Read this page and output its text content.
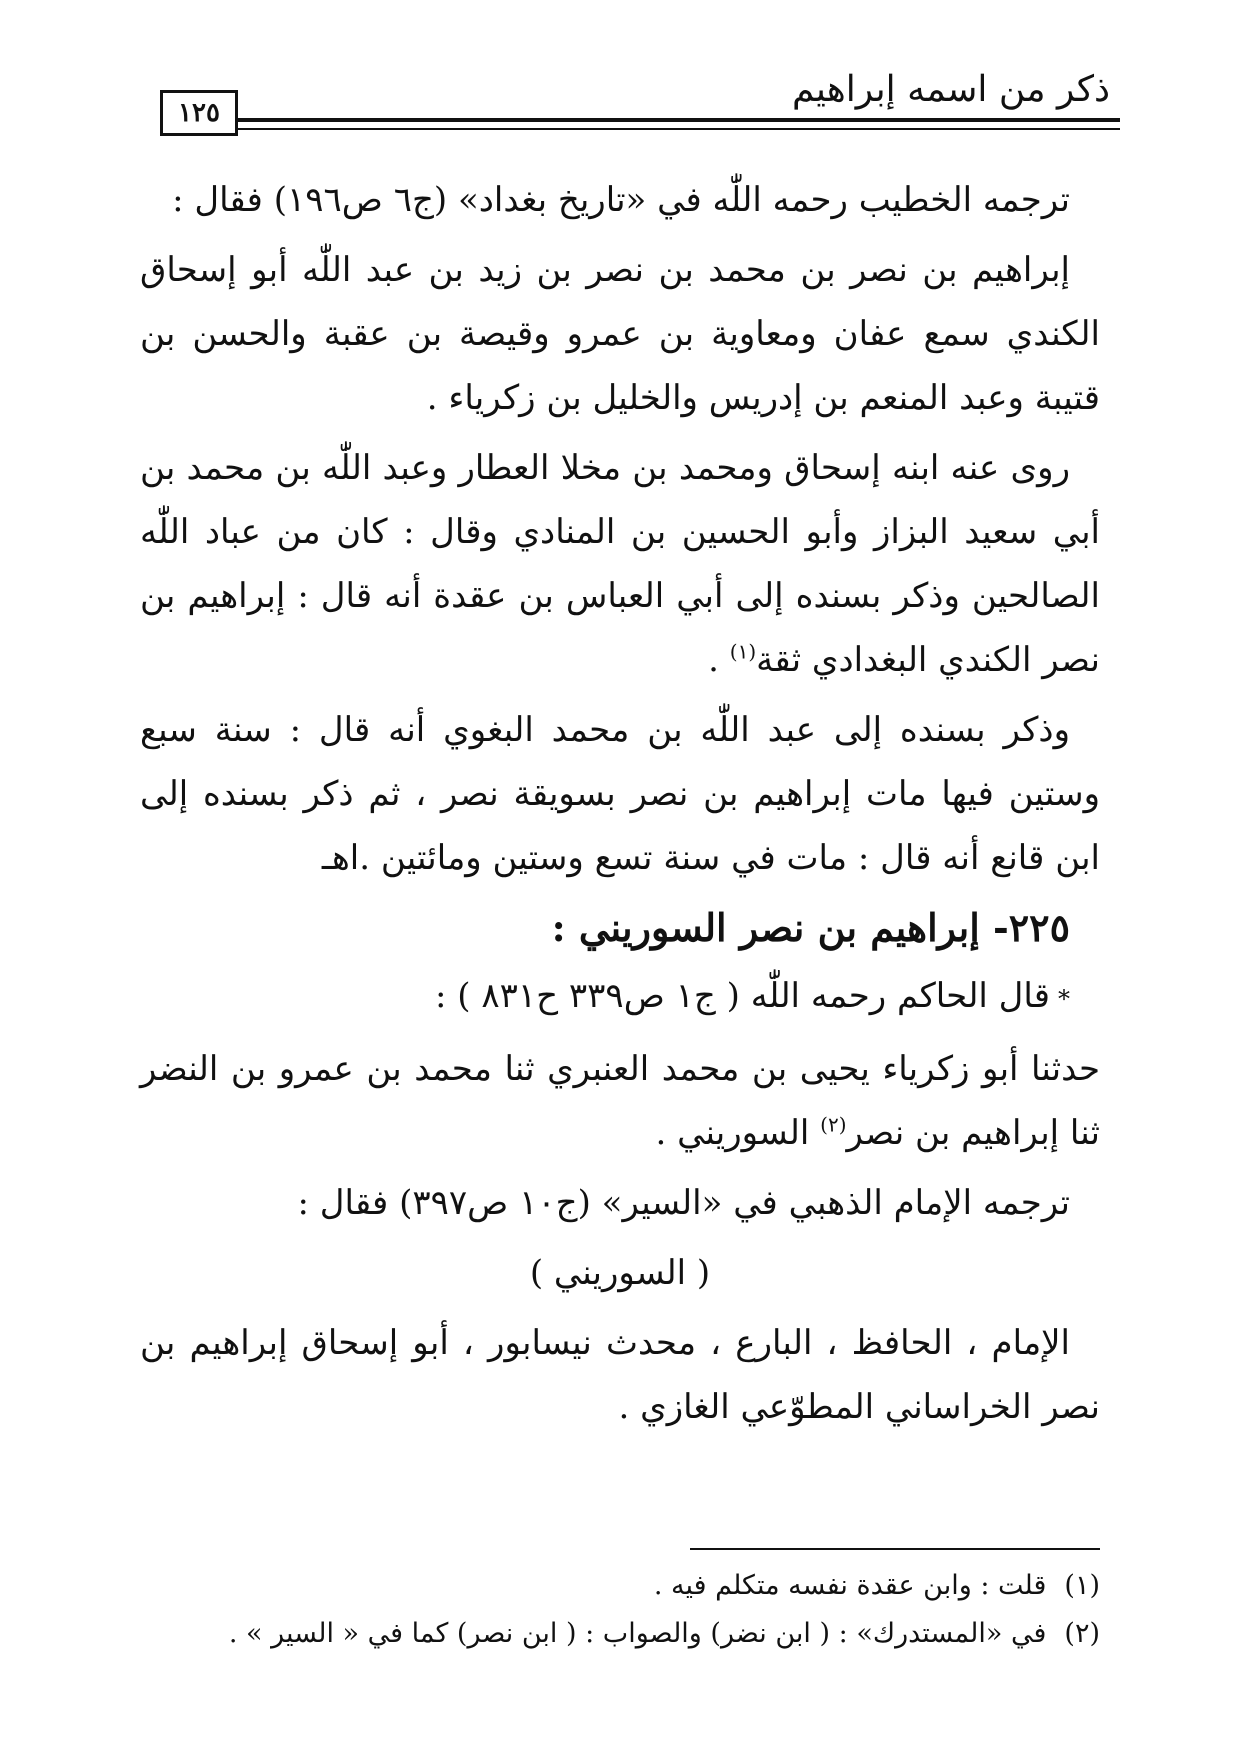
ذكر من اسمه إبراهيم
١٢٥

ترجمه الخطيب رحمه اللّٰه في «تاريخ بغداد» (ج٦ ص١٩٦) فقال :

إبراهيم بن نصر بن محمد بن نصر بن زيد بن عبد اللّٰه أبو إسحاق الكندي سمع عفان ومعاوية بن عمرو وقيصة بن عقبة والحسن بن قتيبة وعبد المنعم بن إدريس والخليل بن زكرياء .

روى عنه ابنه إسحاق ومحمد بن مخلا العطار وعبد اللّٰه بن محمد بن أبي سعيد البزاز وأبو الحسين بن المنادي وقال : كان من عباد اللّٰه الصالحين وذكر بسنده إلى أبي العباس بن عقدة أنه قال : إبراهيم بن نصر الكندي البغدادي ثقة$^{(١)}$ .

وذكر بسنده إلى عبد اللّٰه بن محمد البغوي أنه قال : سنة سبع وستين فيها مات إبراهيم بن نصر بسويقة نصر ، ثم ذكر بسنده إلى ابن قانع أنه قال : مات في سنة تسع وستين ومائتين .اهـ

٢٢٥- إبراهيم بن نصر السوريني :

*قال الحاكم رحمه اللّٰه ( ج١ ص٣٣٩ ح٨٣١ ) :

حدثنا أبو زكرياء يحيى بن محمد العنبري ثنا محمد بن عمرو بن النضر ثنا إبراهيم بن نصر$^{(٢)}$ السوريني .

ترجمه الإمام الذهبي في «السير» (ج١٠ ص٣٩٧) فقال :

( السوريني )

الإمام ، الحافظ ، البارع ، محدث نيسابور ، أبو إسحاق إبراهيم بن نصر الخراساني المطوّعي الغازي .

(١)قلت : وابن عقدة نفسه متكلم فيه .

(٢)في «المستدرك» : ( ابن نضر) والصواب : ( ابن نصر) كما في « السير » .
